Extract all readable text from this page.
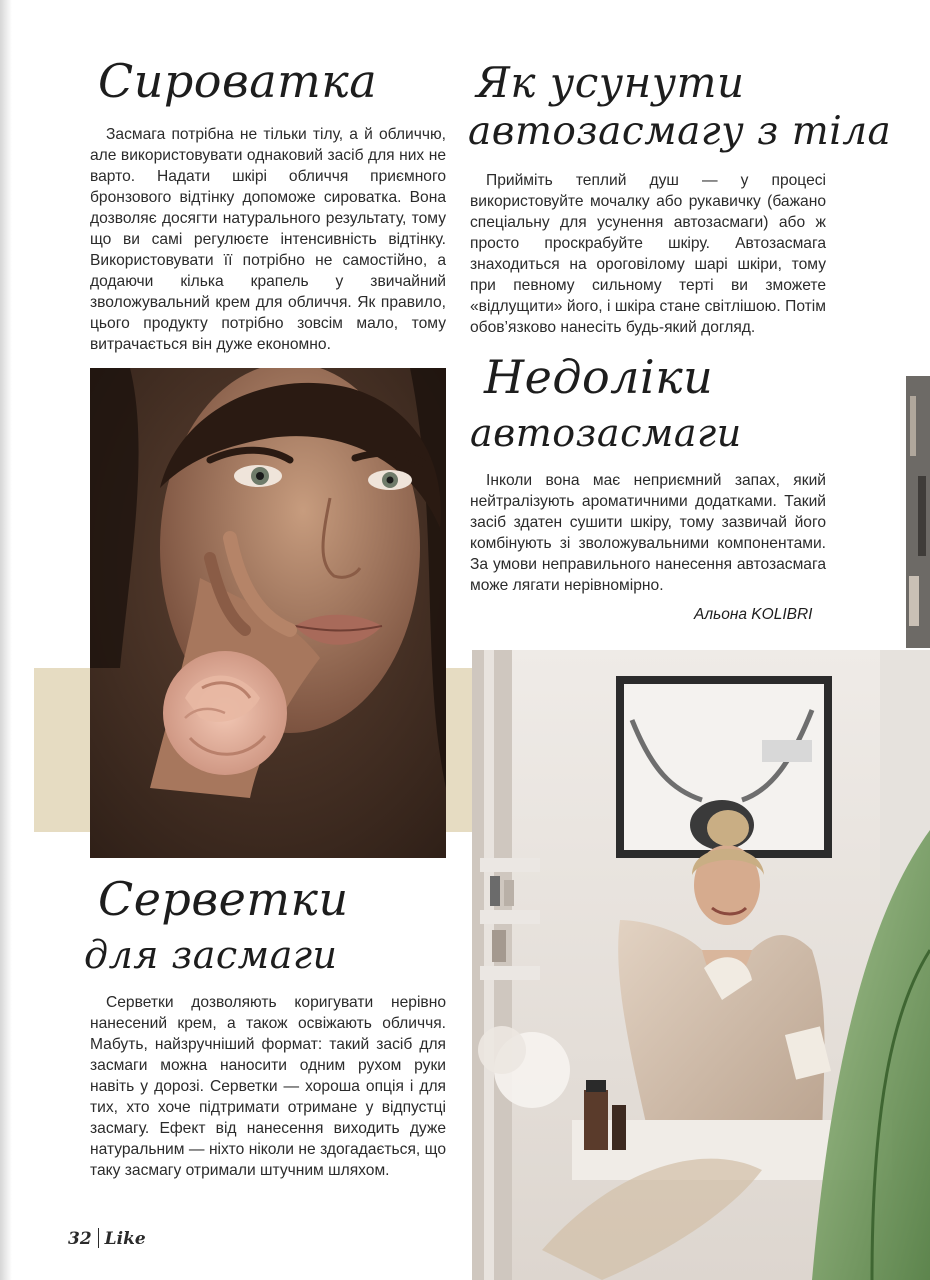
Сироватка

Засмага потрібна не тільки тілу, а й обличчю, але використовувати однаковий засіб для них не варто. Надати шкірі обличчя приємного бронзового відтінку допоможе сироватка. Вона дозволяє досягти натурального результату, тому що ви самі регулюєте інтенсивність відтінку. Використовувати її потрібно не самостійно, а додаючи кілька крапель у звичайний зволожувальний крем для обличчя. Як правило, цього продукту потрібно зовсім мало, тому витрачається він дуже економно.

Як усунути
автозасмагу з тіла

Прийміть теплий душ — у процесі використовуйте мочалку або рукавичку (бажано спеціальну для усунення автозасмаги) або ж просто проскрабуйте шкіру. Автозасмага знаходиться на ороговілому шарі шкіри, тому при певному сильному терті ви зможете «відлущити» його, і шкіра стане світлішою. Потім обов’язково нанесіть будь-який догляд.

Недоліки
автозасмаги

Інколи вона має неприємний запах, який нейтралізують ароматичними додатками. Такий засіб здатен сушити шкіру, тому зазвичай його комбінують зі зволожувальними компонентами. За умови неправильного нанесення автозасмага може лягати нерівномірно.

Альона KOLIBRI
Серветки
для засмаги

Серветки дозволяють коригувати нерівно нанесений крем, а також освіжають обличчя. Мабуть, найзручніший формат: такий засіб для засмаги можна наносити одним рухом руки навіть у дорозі. Серветки — хороша опція і для тих, хто хоче підтримати отримане у відпустці засмагу. Ефект від нанесення виходить дуже натуральним — ніхто ніколи не здогадається, що таку засмагу отримали штучним шляхом.

32 Like
